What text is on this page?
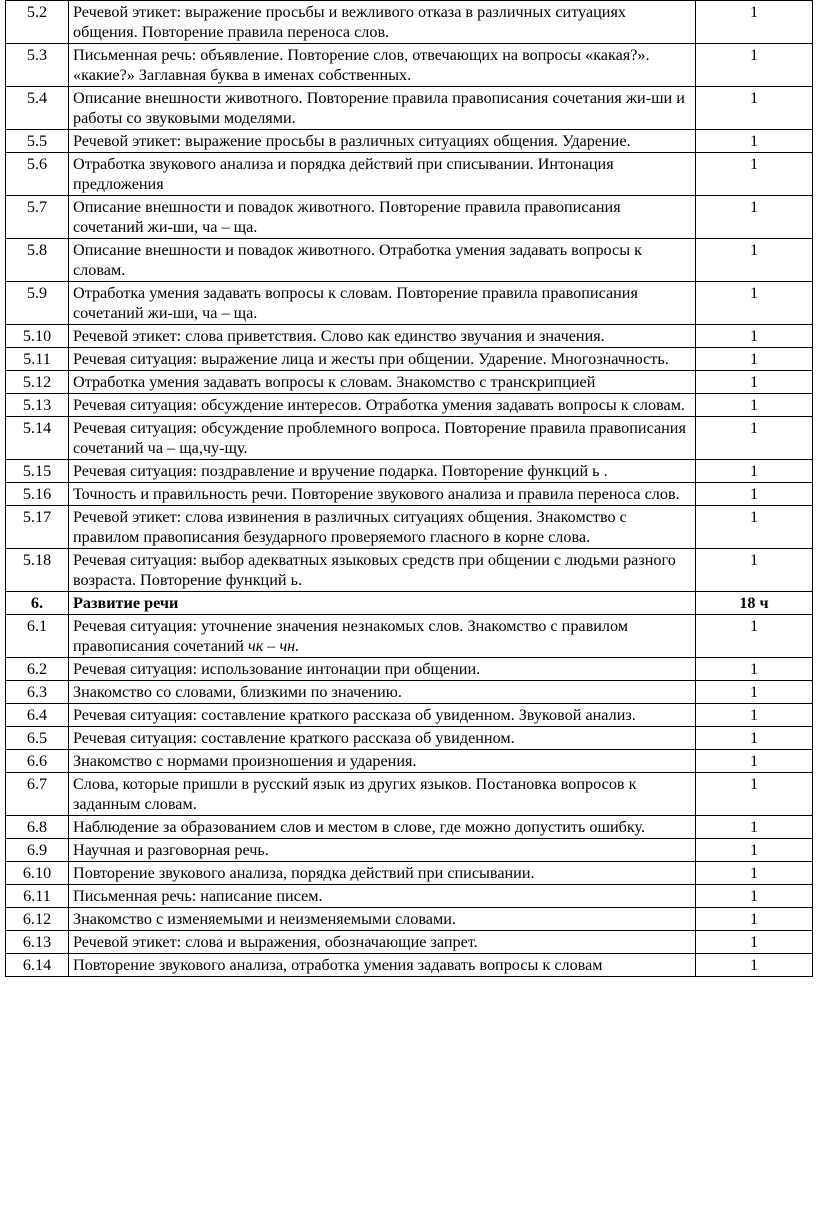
5.2	Речевой этикет: выражение просьбы и вежливого отказа в различных ситуациях общения. Повторение правила переноса слов.	1
5.3	Письменная речь: объявление. Повторение слов, отвечающих на вопросы «какая?». «какие?» Заглавная буква в именах собственных.	1
5.4	Описание внешности животного. Повторение правила правописания сочетания жи-ши и работы со звуковыми моделями.	1
5.5	Речевой этикет: выражение просьбы в различных ситуациях общения. Ударение.	1
5.6	Отработка звукового анализа и порядка действий при списывании. Интонация предложения	1
5.7	Описание внешности и повадок животного. Повторение правила правописания сочетаний жи-ши, ча – ща.	1
5.8	Описание внешности и повадок животного. Отработка умения задавать вопросы к словам.	1
5.9	Отработка умения задавать вопросы к словам. Повторение правила правописания сочетаний жи-ши, ча – ща.	1
5.10	Речевой этикет: слова приветствия. Слово как единство звучания и значения.	1
5.11	Речевая ситуация: выражение лица и жесты при общении. Ударение. Многозначность.	1
5.12	Отработка умения задавать вопросы к словам. Знакомство с транскрипцией	1
5.13	Речевая ситуация: обсуждение интересов. Отработка умения задавать вопросы к словам.	1
5.14	Речевая ситуация: обсуждение проблемного вопроса. Повторение правила правописания сочетаний ча – ща,чу-щу.	1
5.15	Речевая ситуация: поздравление и вручение подарка. Повторение функций ь .	1
5.16	Точность и правильность речи. Повторение звукового анализа и правила переноса слов.	1
5.17	Речевой этикет: слова извинения в различных ситуациях общения. Знакомство с правилом правописания безударного проверяемого гласного в корне слова.	1
5.18	Речевая ситуация: выбор адекватных языковых средств при общении с людьми разного возраста. Повторение функций ь.	1
6.	Развитие речи	18 ч
6.1	Речевая ситуация: уточнение значения незнакомых слов. Знакомство с правилом правописания сочетаний чк – чн.	1
6.2	Речевая ситуация: использование интонации при общении.	1
6.3	Знакомство со словами, близкими по значению.	1
6.4	Речевая ситуация: составление краткого рассказа об увиденном. Звуковой анализ.	1
6.5	Речевая ситуация: составление краткого рассказа об увиденном.	1
6.6	Знакомство с нормами произношения и ударения.	1
6.7	Слова, которые пришли в русский язык из других языков. Постановка вопросов к заданным словам.	1
6.8	Наблюдение за образованием слов и местом в слове, где можно допустить ошибку.	1
6.9	Научная и разговорная речь.	1
6.10	Повторение звукового анализа, порядка действий при списывании.	1
6.11	Письменная речь: написание писем.	1
6.12	Знакомство с изменяемыми и неизменяемыми словами.	1
6.13	Речевой этикет: слова и выражения, обозначающие запрет.	1
6.14	Повторение звукового анализа, отработка умения задавать вопросы к словам	1
